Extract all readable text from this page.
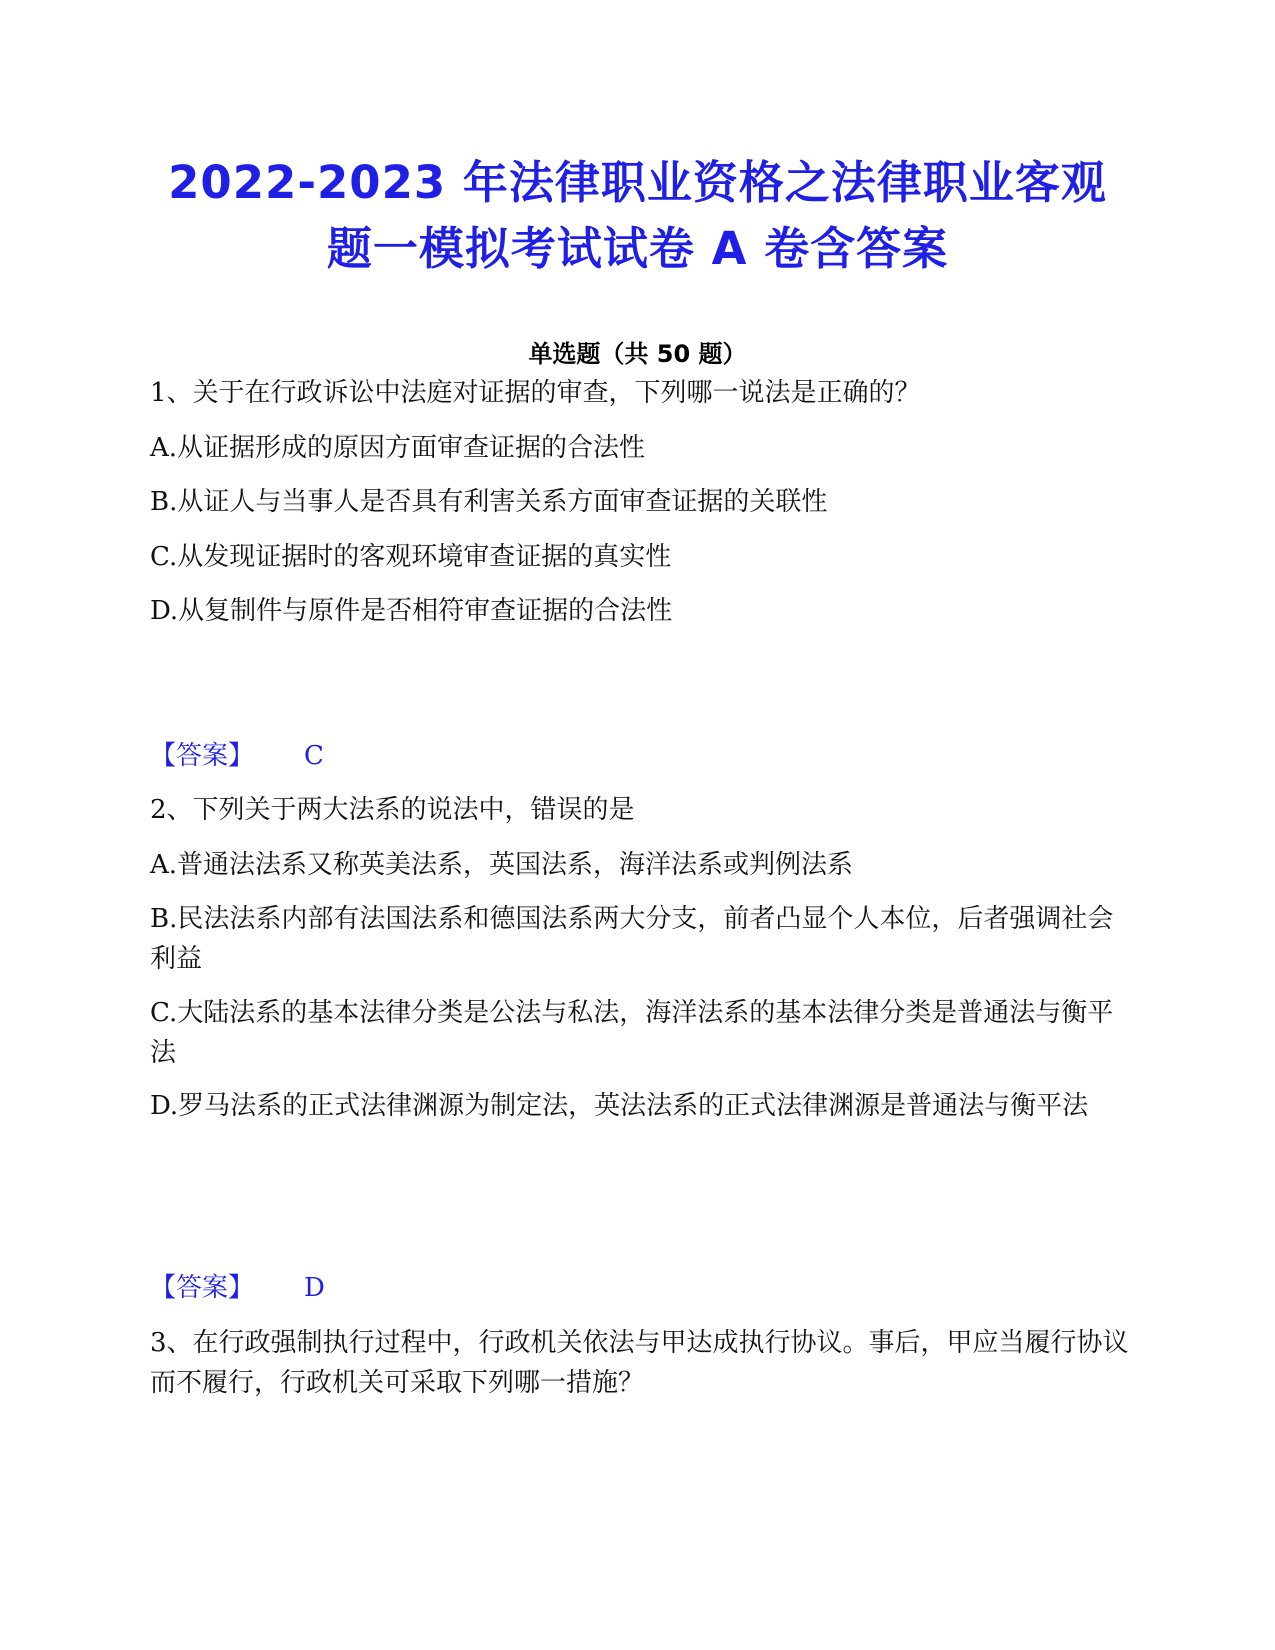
2022-2023 年法律职业资格之法律职业客观
题一模拟考试试卷 A 卷含答案
单选题（共 50 题）
1、关于在行政诉讼中法庭对证据的审查，下列哪一说法是正确的？
A.从证据形成的原因方面审查证据的合法性
B.从证人与当事人是否具有利害关系方面审查证据的关联性
C.从发现证据时的客观环境审查证据的真实性
D.从复制件与原件是否相符审查证据的合法性
【答案】 C
2、下列关于两大法系的说法中，错误的是
A.普通法法系又称英美法系，英国法系，海洋法系或判例法系
B.民法法系内部有法国法系和德国法系两大分支，前者凸显个人本位，后者强调社会利益
C.大陆法系的基本法律分类是公法与私法，海洋法系的基本法律分类是普通法与衡平法
D.罗马法系的正式法律渊源为制定法，英法法系的正式法律渊源是普通法与衡平法
【答案】 D
3、在行政强制执行过程中，行政机关依法与甲达成执行协议。事后，甲应当履行协议而不履行，行政机关可采取下列哪一措施？
